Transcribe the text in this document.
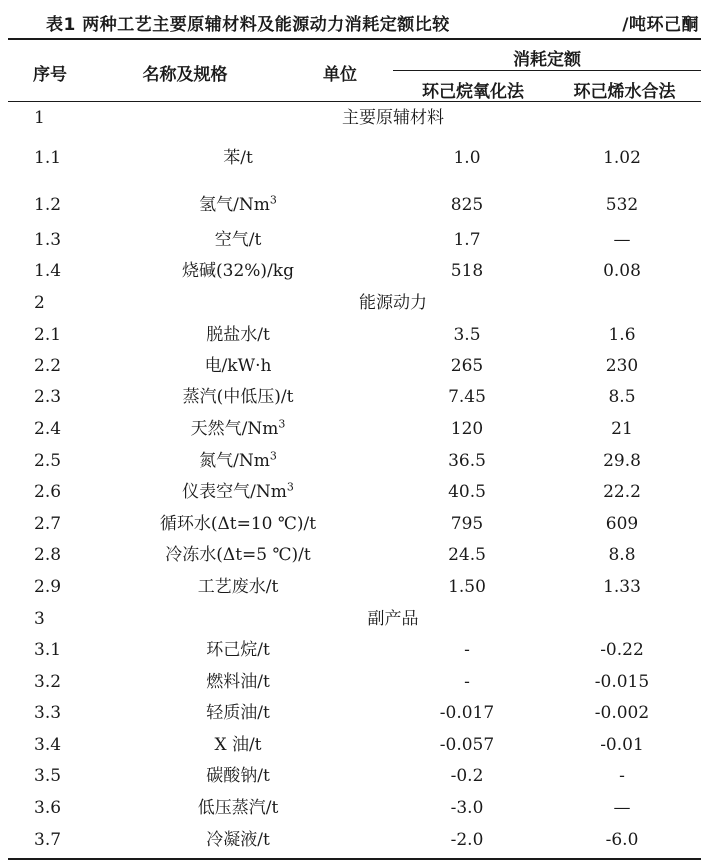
表1 两种工艺主要原辅材料及能源动力消耗定额比较	/吨环己酮
序号	名称及规格	单位
消耗定额
环己烷氧化法	环己烯水合法
1	主要原辅材料
1.1	苯/t	1.0	1.02
1.2	氢气/Nm$^3$	825	532
1.3	空气/t	1.7	—
1.4	烧碱(32%)/kg	518	0.08
2	能源动力
2.1	脱盐水/t	3.5	1.6
2.2	电/kW·h	265	230
2.3	蒸汽(中低压)/t	7.45	8.5
2.4	天然气/Nm$^3$	120	21
2.5	氮气/Nm$^3$	36.5	29.8
2.6	仪表空气/Nm$^3$	40.5	22.2
2.7	循环水(Δt=10 ℃)/t	795	609
2.8	冷冻水(Δt=5 ℃)/t	24.5	8.8
2.9	工艺废水/t	1.50	1.33
3	副产品
3.1	环己烷/t	-	-0.22
3.2	燃料油/t	-	-0.015
3.3	轻质油/t	-0.017	-0.002
3.4	X 油/t	-0.057	-0.01
3.5	碳酸钠/t	-0.2	-
3.6	低压蒸汽/t	-3.0	—
3.7	冷凝液/t	-2.0	-6.0
